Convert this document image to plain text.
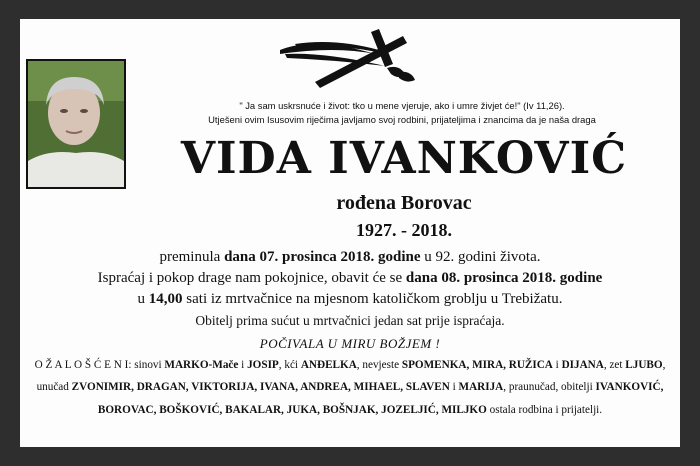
" Ja sam uskrsnuće i život: tko u mene vjeruje, ako i umre živjet će!" (Iv 11,26).
Utješeni ovim Isusovim riječima javljamo svoj rodbini, prijateljima i znancima da je naša draga
VIDA IVANKOVIĆ
rođena Borovac
1927. - 2018.
preminula dana 07. prosinca 2018. godine u 92. godini života.
Ispraćaj i pokop drage nam pokojnice, obavit će se dana 08. prosinca 2018. godine
u 14,00 sati iz mrtvačnice na mjesnom katoličkom groblju u Trebižatu.
Obitelj prima sućut u mrtvačnici jedan sat prije ispraćaja.
POČIVALA U MIRU BOŽJEM !
O Ž A L O Š Ć E N I: sinovi MARKO-Mače i JOSIP, kći ANĐELKA, nevjeste SPOMENKA, MIRA, RUŽICA i DIJANA, zet LJUBO,
unučad ZVONIMIR, DRAGAN, VIKTORIJA, IVANA, ANDREA, MIHAEL, SLAVEN i MARIJA, praunučad, obitelji IVANKOVIĆ,
BOROVAC, BOŠKOVIĆ, BAKALAR, JUKA, BOŠNJAK, JOZELJIĆ, MILJKO ostala rodbina i prijatelji.
